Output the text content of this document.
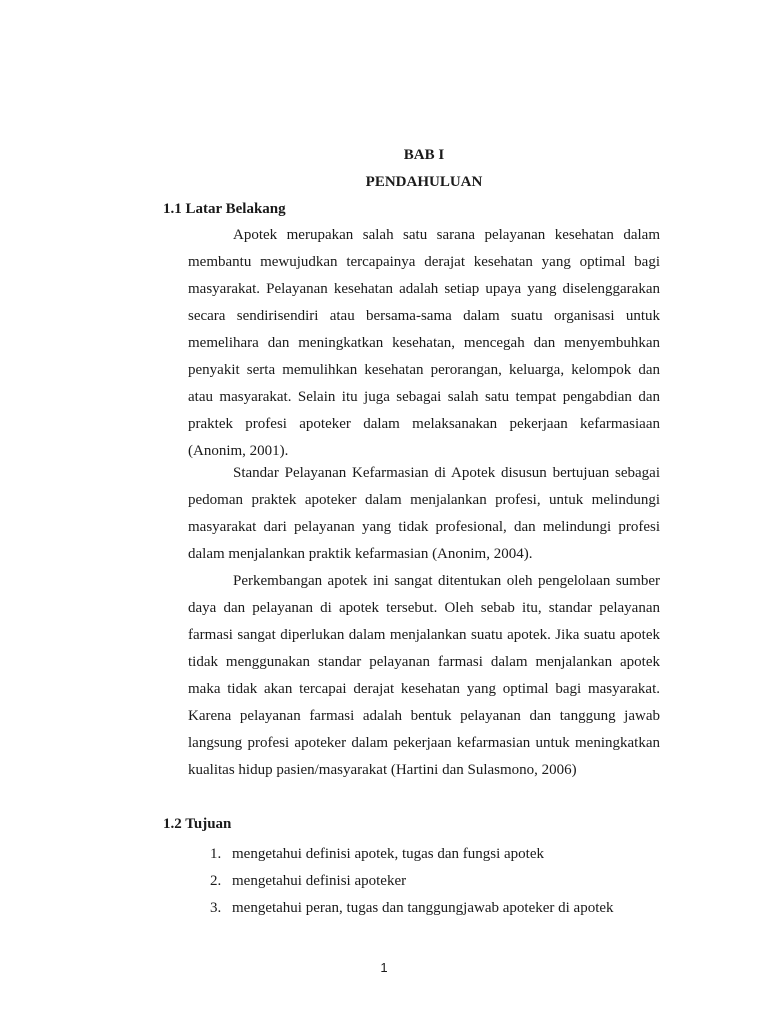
BAB I
PENDAHULUAN
1.1 Latar Belakang

Apotek merupakan salah satu sarana pelayanan kesehatan dalam membantu mewujudkan tercapainya derajat kesehatan yang optimal bagi masyarakat. Pelayanan kesehatan adalah setiap upaya yang diselenggarakan secara sendirisendiri atau bersama-sama dalam suatu organisasi untuk memelihara dan meningkatkan kesehatan, mencegah dan menyembuhkan penyakit serta memulihkan kesehatan perorangan, keluarga, kelompok dan atau masyarakat. Selain itu juga sebagai salah satu tempat pengabdian dan praktek profesi apoteker dalam melaksanakan pekerjaan kefarmasiaan (Anonim, 2001).

Standar Pelayanan Kefarmasian di Apotek disusun bertujuan sebagai pedoman praktek apoteker dalam menjalankan profesi, untuk melindungi masyarakat dari pelayanan yang tidak profesional, dan melindungi profesi dalam menjalankan praktik kefarmasian (Anonim, 2004).

Perkembangan apotek ini sangat ditentukan oleh pengelolaan sumber daya dan pelayanan di apotek tersebut. Oleh sebab itu, standar pelayanan farmasi sangat diperlukan dalam menjalankan suatu apotek. Jika suatu apotek tidak menggunakan standar pelayanan farmasi dalam menjalankan apotek maka tidak akan tercapai derajat kesehatan yang optimal bagi masyarakat. Karena pelayanan farmasi adalah bentuk pelayanan dan tanggung jawab langsung profesi apoteker dalam pekerjaan kefarmasian untuk meningkatkan kualitas hidup pasien/masyarakat (Hartini dan Sulasmono, 2006)

1.2 Tujuan
1. mengetahui definisi apotek, tugas dan fungsi apotek
2. mengetahui definisi apoteker
3. mengetahui peran, tugas dan tanggungjawab apoteker di apotek
1
